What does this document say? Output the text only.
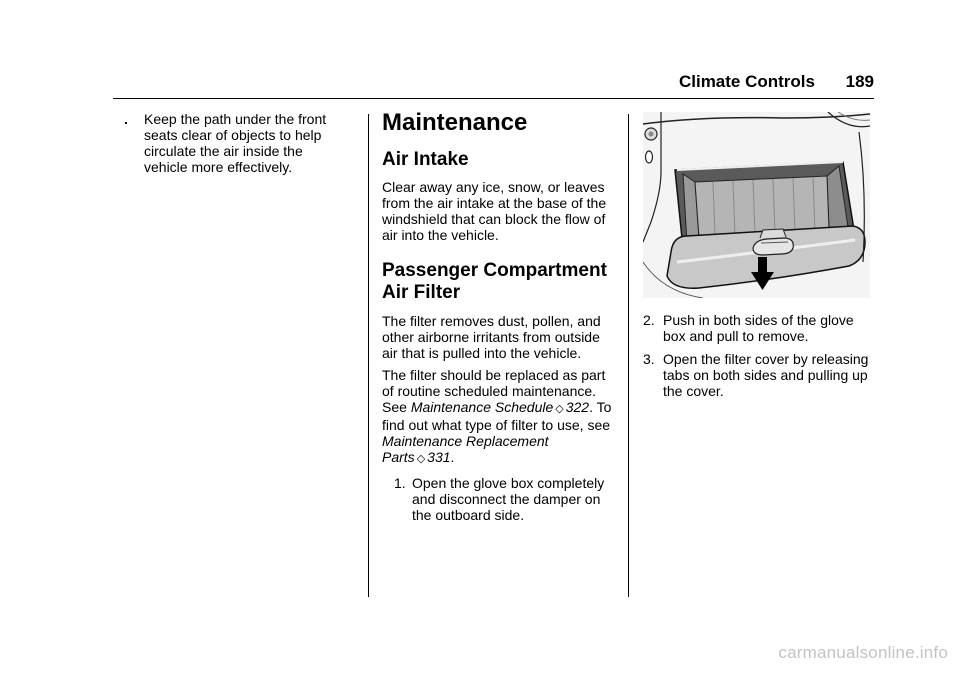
Climate Controls	189
.	Keep the path under the front seats clear of objects to help circulate the air inside the vehicle more effectively.
Maintenance
Air Intake
Clear away any ice, snow, or leaves from the air intake at the base of the windshield that can block the flow of air into the vehicle.
Passenger Compartment
Air Filter
The filter removes dust, pollen, and other airborne irritants from outside air that is pulled into the vehicle.
The filter should be replaced as part of routine scheduled maintenance. See Maintenance Schedule ◇ 322. To find out what type of filter to use, see Maintenance Replacement Parts ◇ 331.
1. Open the glove box completely and disconnect the damper on the outboard side.
2. Push in both sides of the glove box and pull to remove.
3. Open the filter cover by releasing tabs on both sides and pulling up the cover.
carmanualsonline.info
